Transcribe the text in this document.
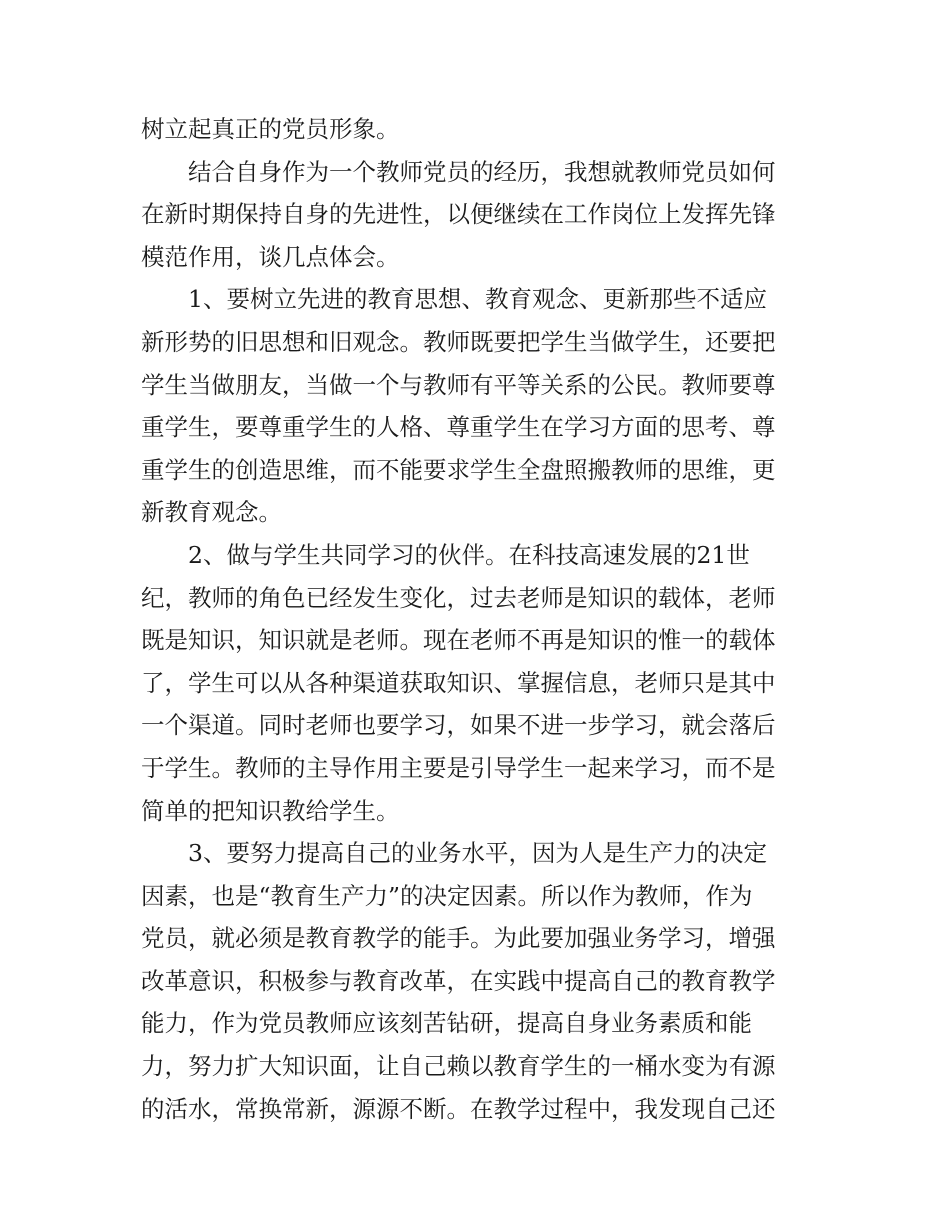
树立起真正的党员形象。
结合自身作为一个教师党员的经历，我想就教师党员如何
在新时期保持自身的先进性，以便继续在工作岗位上发挥先锋
模范作用，谈几点体会。
1、要树立先进的教育思想、教育观念、更新那些不适应
新形势的旧思想和旧观念。教师既要把学生当做学生，还要把
学生当做朋友，当做一个与教师有平等关系的公民。教师要尊
重学生，要尊重学生的人格、尊重学生在学习方面的思考、尊
重学生的创造思维，而不能要求学生全盘照搬教师的思维，更
新教育观念。
2、做与学生共同学习的伙伴。在科技高速发展的21世
纪，教师的角色已经发生变化，过去老师是知识的载体，老师
既是知识，知识就是老师。现在老师不再是知识的惟一的载体
了，学生可以从各种渠道获取知识、掌握信息，老师只是其中
一个渠道。同时老师也要学习，如果不进一步学习，就会落后
于学生。教师的主导作用主要是引导学生一起来学习，而不是
简单的把知识教给学生。
3、要努力提高自己的业务水平，因为人是生产力的决定
因素，也是“教育生产力”的决定因素。所以作为教师，作为
党员，就必须是教育教学的能手。为此要加强业务学习，增强
改革意识，积极参与教育改革，在实践中提高自己的教育教学
能力，作为党员教师应该刻苦钻研，提高自身业务素质和能
力，努力扩大知识面，让自己赖以教育学生的一桶水变为有源
的活水，常换常新，源源不断。在教学过程中，我发现自己还
